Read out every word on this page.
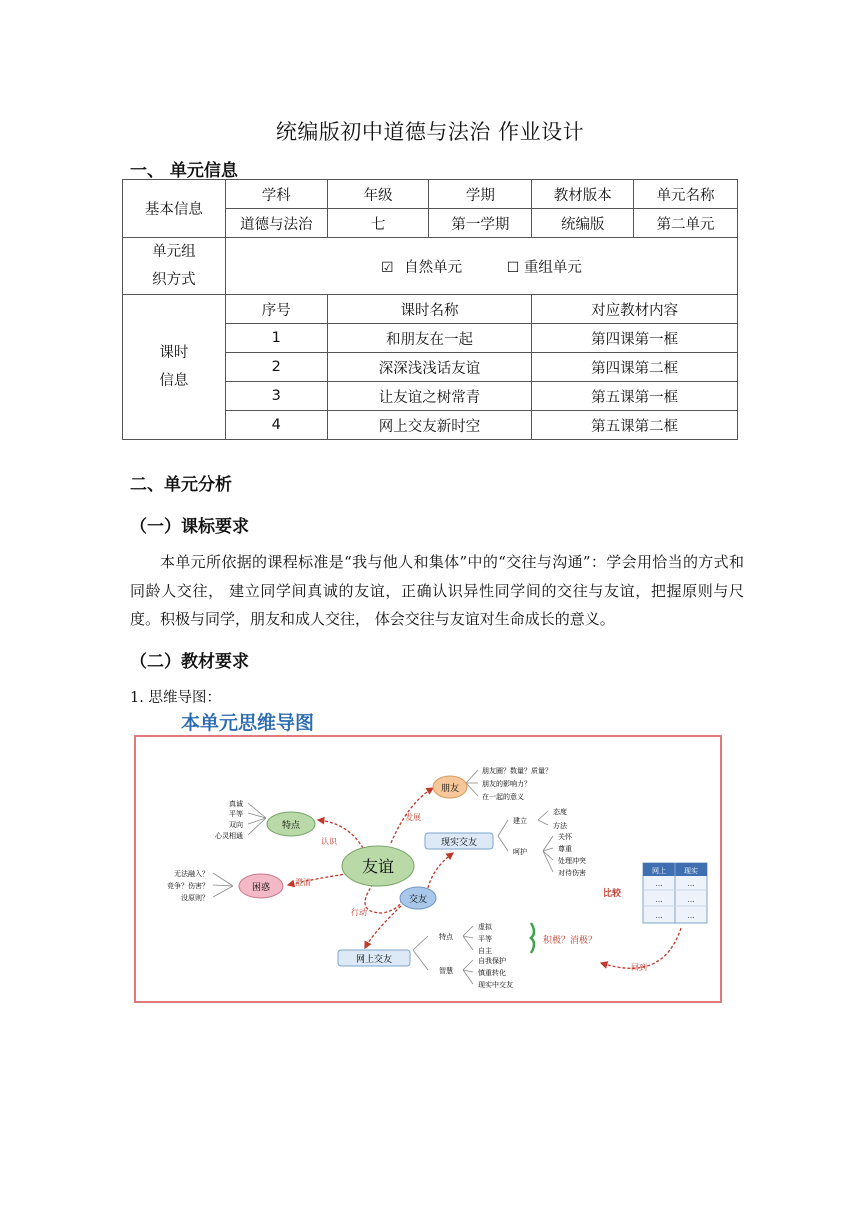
统编版初中道德与法治 作业设计
一、 单元信息
基本信息	学科	年级	学期	教材版本	单元名称
	道德与法治	七	第一学期	统编版	第二单元
单元组
织方式	☑ 自然单元 ☐ 重组单元				
课时
信息	序号	课时名称		对应教材内容	
	1	和朋友在一起		第四课第一框	
	2	深深浅浅话友谊		第四课第二框	
	3	让友谊之树常青		第五课第一框	
	4	网上交友新时空		第五课第二框	
二、单元分析
（一）课标要求
本单元所依据的课程标准是“我与他人和集体”中的“交往与沟通”：学会用恰当的方式和同龄人交往， 建立同学间真诚的友谊，正确认识异性同学间的交往与友谊，把握原则与尺度。积极与同学，朋友和成人交往， 体会交往与友谊对生命成长的意义。
（二）教材要求
1. 思维导图：
本单元思维导图
友谊
朋友
朋友圈？数量？质量？
朋友的影响力？
在一起的意义
特点
真诚
平等
双向
心灵相通
困惑
无法融入？
竞争？伤害？
没原则？
现实交友
建立
呵护
态度
方法
关怀
尊重
处理冲突
对待伤害
交友
网上交友
特点
智慧
虚拟
平等
自主
自我保护
慎重转化
现实中交友
积极？消极？
网上	现实
...	...
...	...
...	...
比较
回到
认识
发展
澄清
行动
